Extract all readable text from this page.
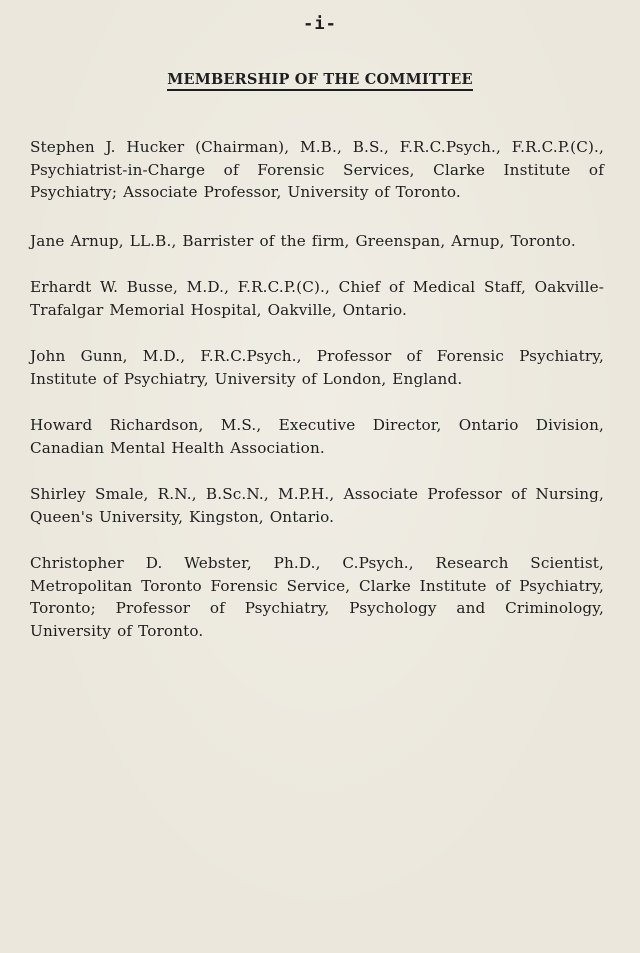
-i-
MEMBERSHIP OF THE COMMITTEE

Stephen J. Hucker (Chairman), M.B., B.S., F.R.C.Psych., F.R.C.P.(C)., Psychiatrist-in-Charge of Forensic Services, Clarke Institute of Psychiatry; Associate Professor, University of Toronto.

Jane Arnup, LL.B., Barrister of the firm, Greenspan, Arnup, Toronto.

Erhardt W. Busse, M.D., F.R.C.P.(C)., Chief of Medical Staff, Oakville-Trafalgar Memorial Hospital, Oakville, Ontario.

John Gunn, M.D., F.R.C.Psych., Professor of Forensic Psychiatry, Institute of Psychiatry, University of London, England.

Howard Richardson, M.S., Executive Director, Ontario Division, Canadian Mental Health Association.

Shirley Smale, R.N., B.Sc.N., M.P.H., Associate Professor of Nursing, Queen's University, Kingston, Ontario.

Christopher D. Webster, Ph.D., C.Psych., Research Scientist, Metropolitan Toronto Forensic Service, Clarke Institute of Psychiatry, Toronto; Professor of Psychiatry, Psychology and Criminology, University of Toronto.
